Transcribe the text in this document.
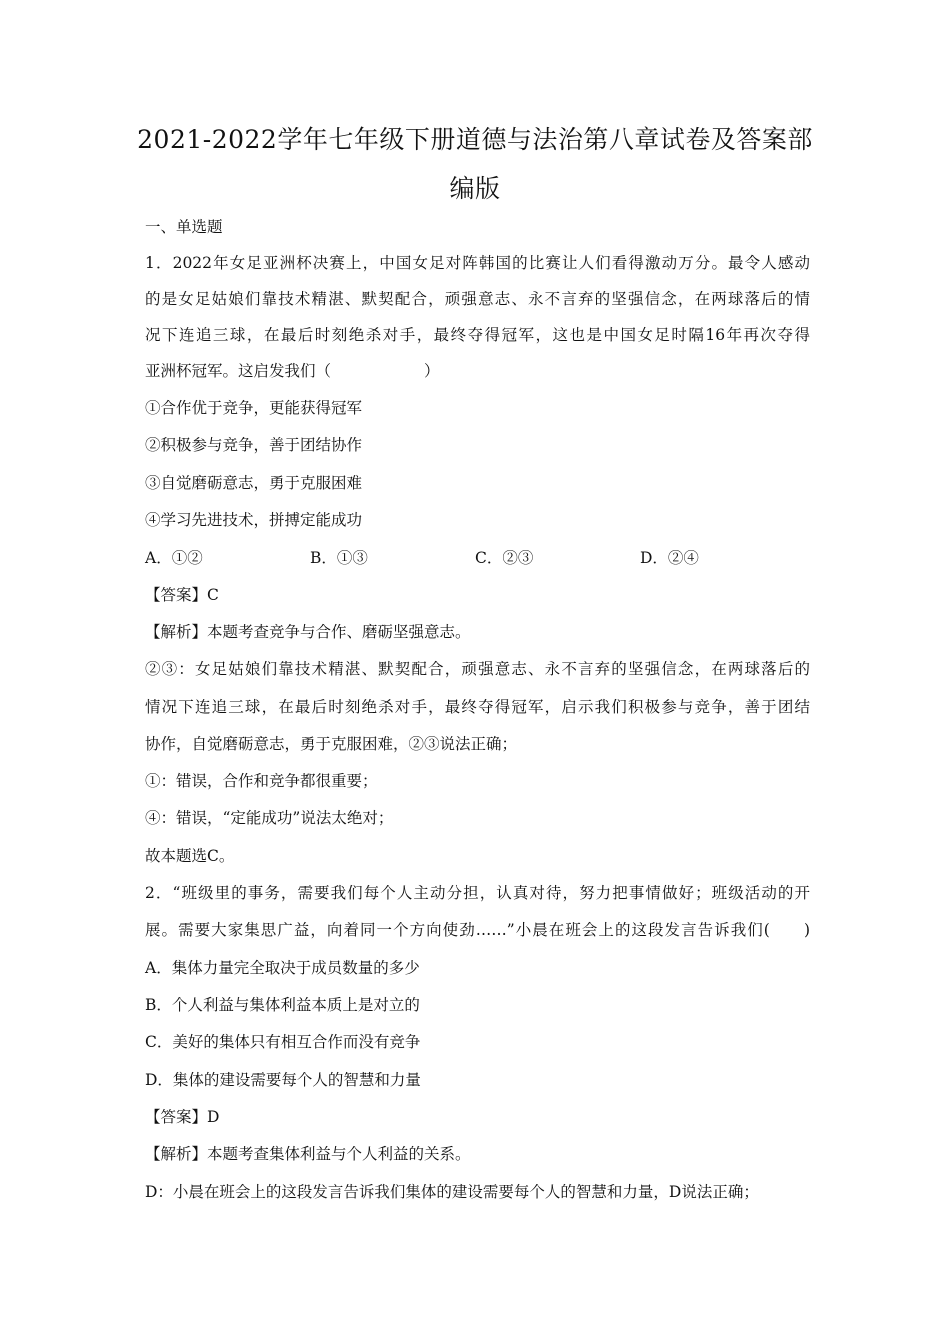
2021-2022学年七年级下册道德与法治第八章试卷及答案部
编版
一、单选题
1．2022年女足亚洲杯决赛上，中国女足对阵韩国的比赛让人们看得激动万分。最令人感动
的是女足姑娘们靠技术精湛、默契配合，顽强意志、永不言弃的坚强信念，在两球落后的情
况下连追三球，在最后时刻绝杀对手，最终夺得冠军，这也是中国女足时隔16年再次夺得
亚洲杯冠军。这启发我们（　　　　　　）
①合作优于竞争，更能获得冠军
②积极参与竞争，善于团结协作
③自觉磨砺意志，勇于克服困难
④学习先进技术，拼搏定能成功
A．①②	B．①③	C．②③	D．②④
【答案】C
【解析】本题考查竞争与合作、磨砺坚强意志。
②③：女足姑娘们靠技术精湛、默契配合，顽强意志、永不言弃的坚强信念，在两球落后的
情况下连追三球，在最后时刻绝杀对手，最终夺得冠军，启示我们积极参与竞争，善于团结
协作，自觉磨砺意志，勇于克服困难，②③说法正确；
①：错误，合作和竞争都很重要；
④：错误，“定能成功”说法太绝对；
故本题选C。
2．“班级里的事务，需要我们每个人主动分担，认真对待，努力把事情做好；班级活动的开
展。需要大家集思广益，向着同一个方向使劲……”小晨在班会上的这段发言告诉我们(　　)
A．集体力量完全取决于成员数量的多少
B．个人利益与集体利益本质上是对立的
C．美好的集体只有相互合作而没有竞争
D．集体的建设需要每个人的智慧和力量
【答案】D
【解析】本题考查集体利益与个人利益的关系。
D：小晨在班会上的这段发言告诉我们集体的建设需要每个人的智慧和力量，D说法正确；
